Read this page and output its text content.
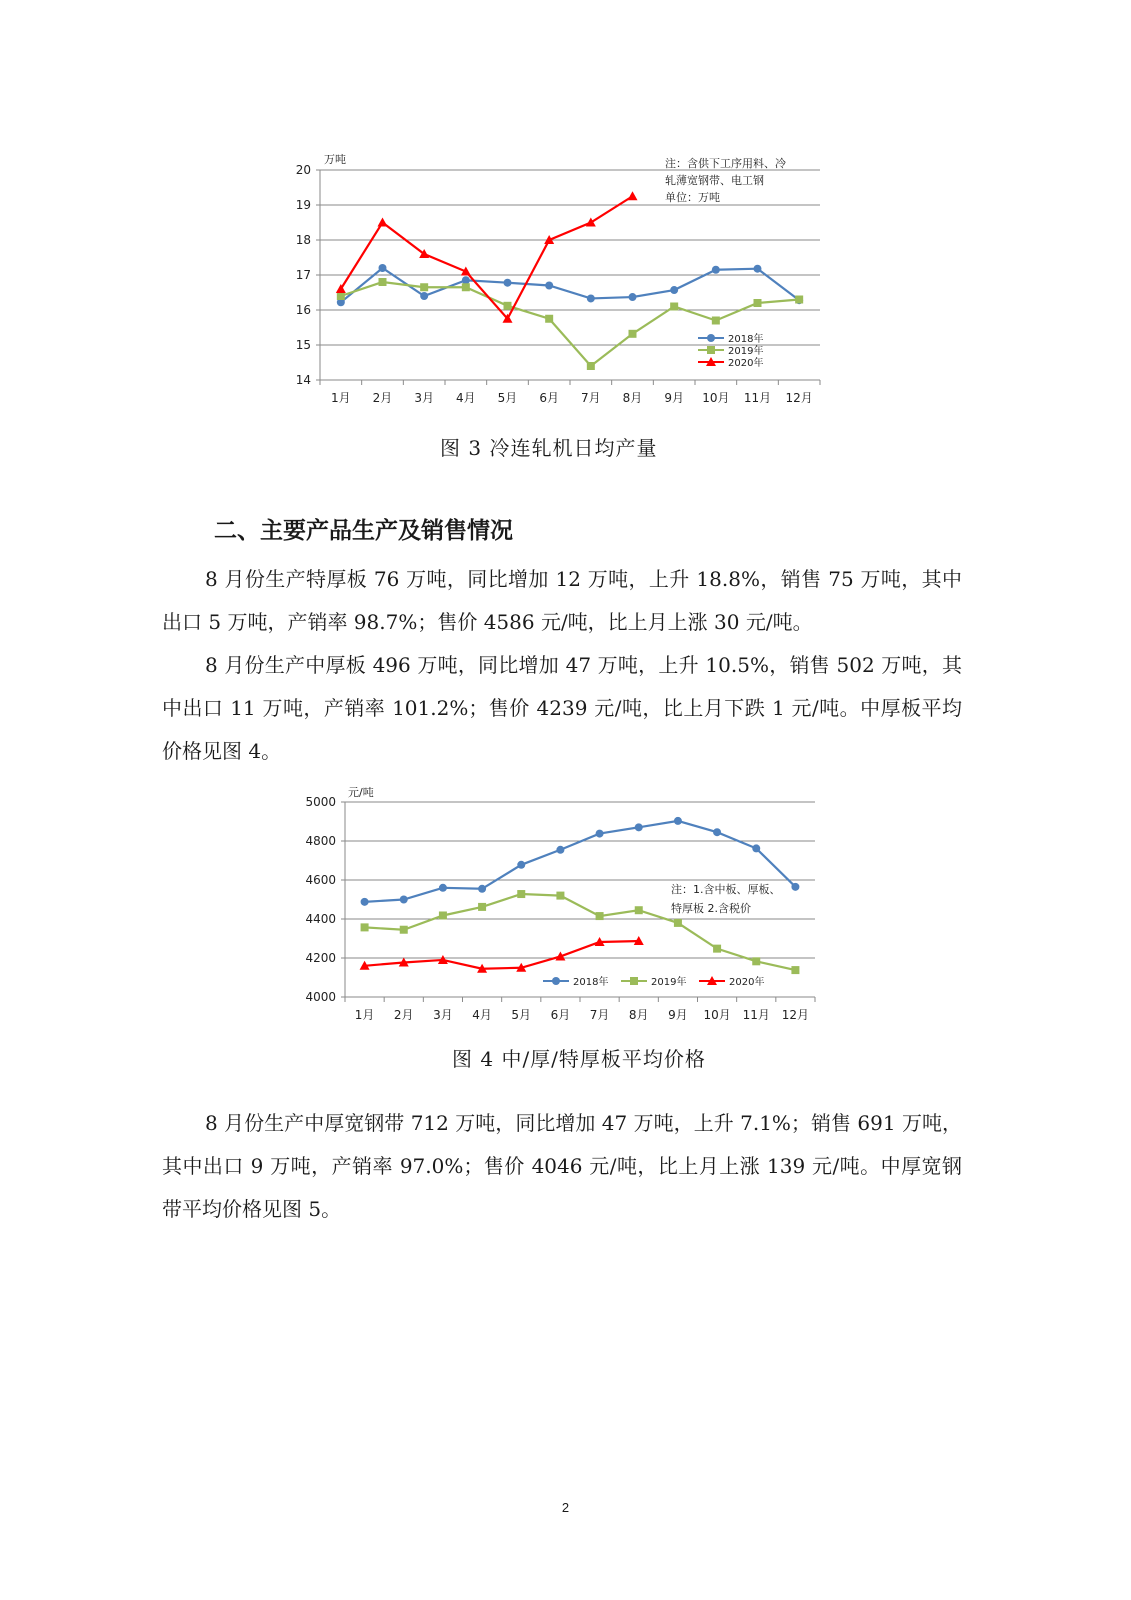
14
15
16
17
18
19
20
1月 2月 3月 4月 5月 6月 7月 8月 9月 10月 11月 12月
万吨	注：含供下工序用料、冷
轧薄宽钢带、电工钢
单位：万吨
2018年
2019年
2020年
图 3 冷连轧机日均产量
二、主要产品生产及销售情况

8 月份生产特厚板 76 万吨，同比增加 12 万吨，上升 18.8%，销售 75 万吨，其中出口 5 万吨，产销率 98.7%；售价 4586 元/吨，比上月上涨 30 元/吨。

8 月份生产中厚板 496 万吨，同比增加 47 万吨，上升 10.5%，销售 502 万吨，其中出口 11 万吨，产销率 101.2%；售价 4239 元/吨，比上月下跌 1 元/吨。中厚板平均价格见图 4。

4000
4200
4400
4600
4800
5000
1月 2月 3月 4月 5月 6月 7月 8月 9月 10月 11月 12月
元/吨
注：1.含中板、厚板、
特厚板 2.含税价
2018年	2019年	2020年
图 4 中/厚/特厚板平均价格

8 月份生产中厚宽钢带 712 万吨，同比增加 47 万吨，上升 7.1%；销售 691 万吨，其中出口 9 万吨，产销率 97.0%；售价 4046 元/吨，比上月上涨 139 元/吨。中厚宽钢带平均价格见图 5。

2
